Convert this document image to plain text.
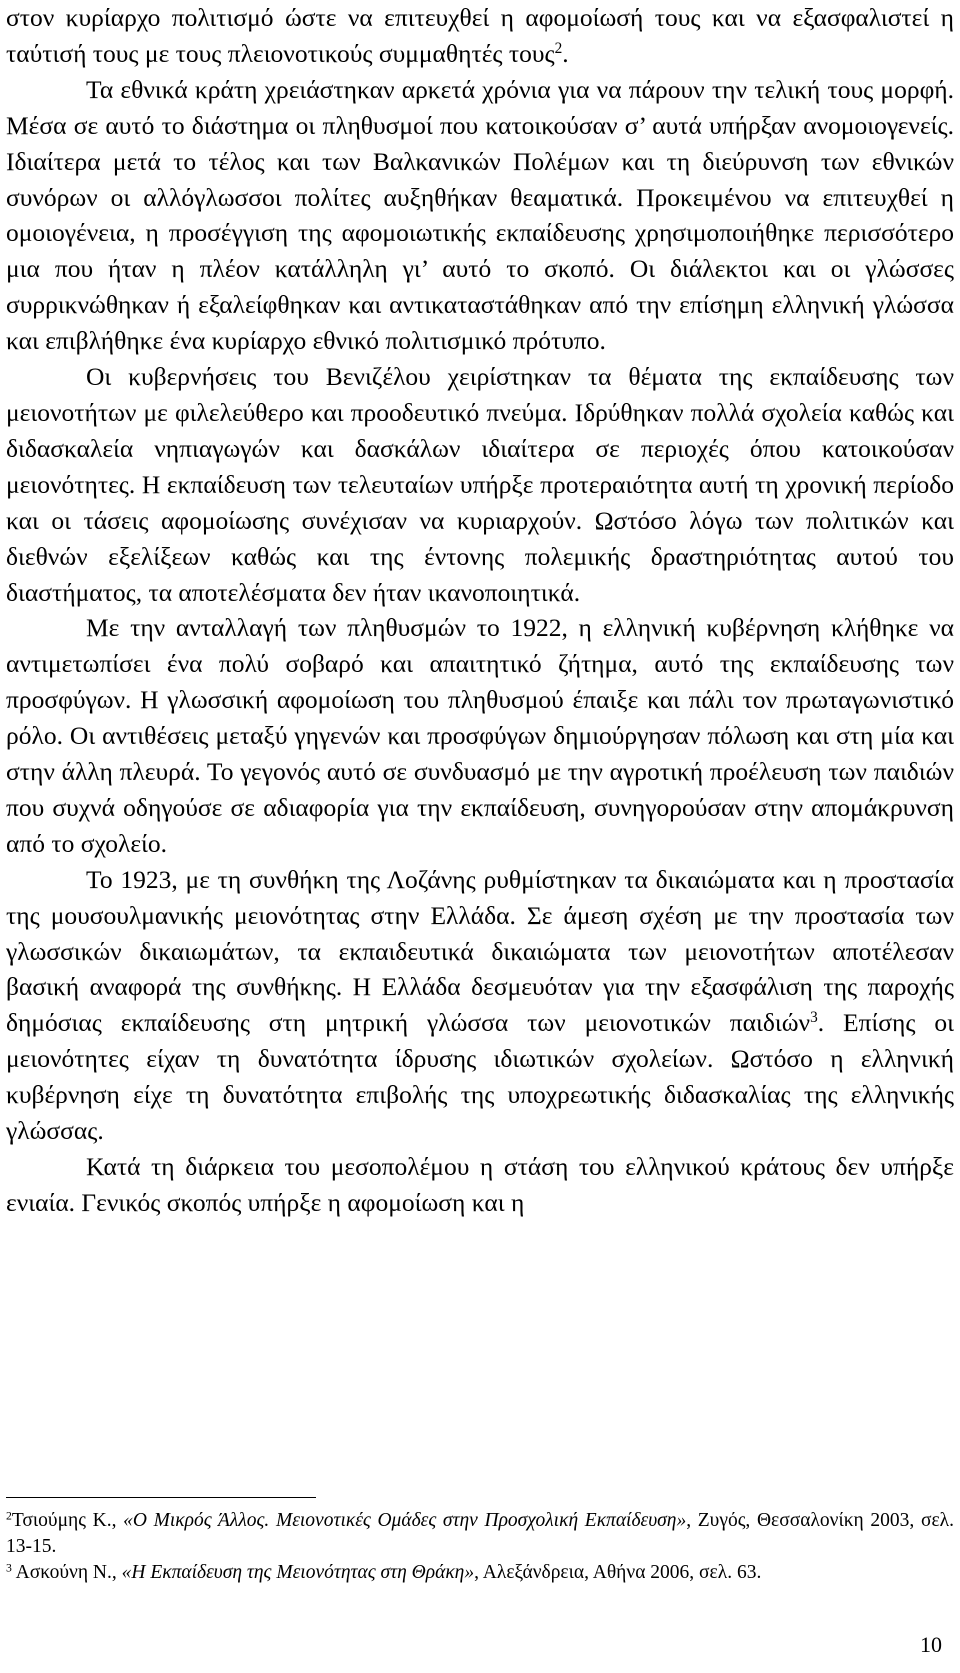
στον κυρίαρχο πολιτισμό ώστε να επιτευχθεί η αφομοίωσή τους και να εξασφαλιστεί η ταύτισή τους με τους πλειονοτικούς συμμαθητές τους$^2$.

Τα εθνικά κράτη χρειάστηκαν αρκετά χρόνια για να πάρουν την τελική τους μορφή. Μέσα σε αυτό το διάστημα οι πληθυσμοί που κατοικούσαν σ’ αυτά υπήρξαν ανομοιογενείς. Ιδιαίτερα μετά το τέλος και των Βαλκανικών Πολέμων και τη διεύρυνση των εθνικών συνόρων οι αλλόγλωσσοι πολίτες αυξηθήκαν θεαματικά. Προκειμένου να επιτευχθεί η ομοιογένεια, η προσέγγιση της αφομοιωτικής εκπαίδευσης χρησιμοποιήθηκε περισσότερο μια που ήταν η πλέον κατάλληλη γι’ αυτό το σκοπό. Οι διάλεκτοι και οι γλώσσες συρρικνώθηκαν ή εξαλείφθηκαν και αντικαταστάθηκαν από την επίσημη ελληνική γλώσσα και επιβλήθηκε ένα κυρίαρχο εθνικό πολιτισμικό πρότυπο.

Οι κυβερνήσεις του Βενιζέλου χειρίστηκαν τα θέματα της εκπαίδευσης των μειονοτήτων με φιλελεύθερο και προοδευτικό πνεύμα. Ιδρύθηκαν πολλά σχολεία καθώς και διδασκαλεία νηπιαγωγών και δασκάλων ιδιαίτερα σε περιοχές όπου κατοικούσαν μειονότητες. Η εκπαίδευση των τελευταίων υπήρξε προτεραιότητα αυτή τη χρονική περίοδο και οι τάσεις αφομοίωσης συνέχισαν να κυριαρχούν. Ωστόσο λόγω των πολιτικών και διεθνών εξελίξεων καθώς και της έντονης πολεμικής δραστηριότητας αυτού του διαστήματος, τα αποτελέσματα δεν ήταν ικανοποιητικά.

Με την ανταλλαγή των πληθυσμών το 1922, η ελληνική κυβέρνηση κλήθηκε να αντιμετωπίσει ένα πολύ σοβαρό και απαιτητικό ζήτημα, αυτό της εκπαίδευσης των προσφύγων. Η γλωσσική αφομοίωση του πληθυσμού έπαιξε και πάλι τον πρωταγωνιστικό ρόλο. Οι αντιθέσεις μεταξύ γηγενών και προσφύγων δημιούργησαν πόλωση και στη μία και στην άλλη πλευρά. Το γεγονός αυτό σε συνδυασμό με την αγροτική προέλευση των παιδιών που συχνά οδηγούσε σε αδιαφορία για την εκπαίδευση, συνηγορούσαν στην απομάκρυνση από το σχολείο.

Το 1923, με τη συνθήκη της Λοζάνης ρυθμίστηκαν τα δικαιώματα και η προστασία της μουσουλμανικής μειονότητας στην Ελλάδα. Σε άμεση σχέση με την προστασία των γλωσσικών δικαιωμάτων, τα εκπαιδευτικά δικαιώματα των μειονοτήτων αποτέλεσαν βασική αναφορά της συνθήκης. Η Ελλάδα δεσμευόταν για την εξασφάλιση της παροχής δημόσιας εκπαίδευσης στη μητρική γλώσσα των μειονοτικών παιδιών$^3$. Επίσης οι μειονότητες είχαν τη δυνατότητα ίδρυσης ιδιωτικών σχολείων. Ωστόσο η ελληνική κυβέρνηση είχε τη δυνατότητα επιβολής της υποχρεωτικής διδασκαλίας της ελληνικής γλώσσας.

Κατά τη διάρκεια του μεσοπολέμου η στάση του ελληνικού κράτους δεν υπήρξε ενιαία. Γενικός σκοπός υπήρξε η αφομοίωση και η

$^2$Τσιούμης Κ., «Ο Μικρός Άλλος. Μειονοτικές Ομάδες στην Προσχολική Εκπαίδευση», Ζυγός, Θεσσαλονίκη 2003, σελ. 13-15.

$^3$ Ασκούνη Ν., «Η Εκπαίδευση της Μειονότητας στη Θράκη», Αλεξάνδρεια, Αθήνα 2006, σελ. 63.

10
